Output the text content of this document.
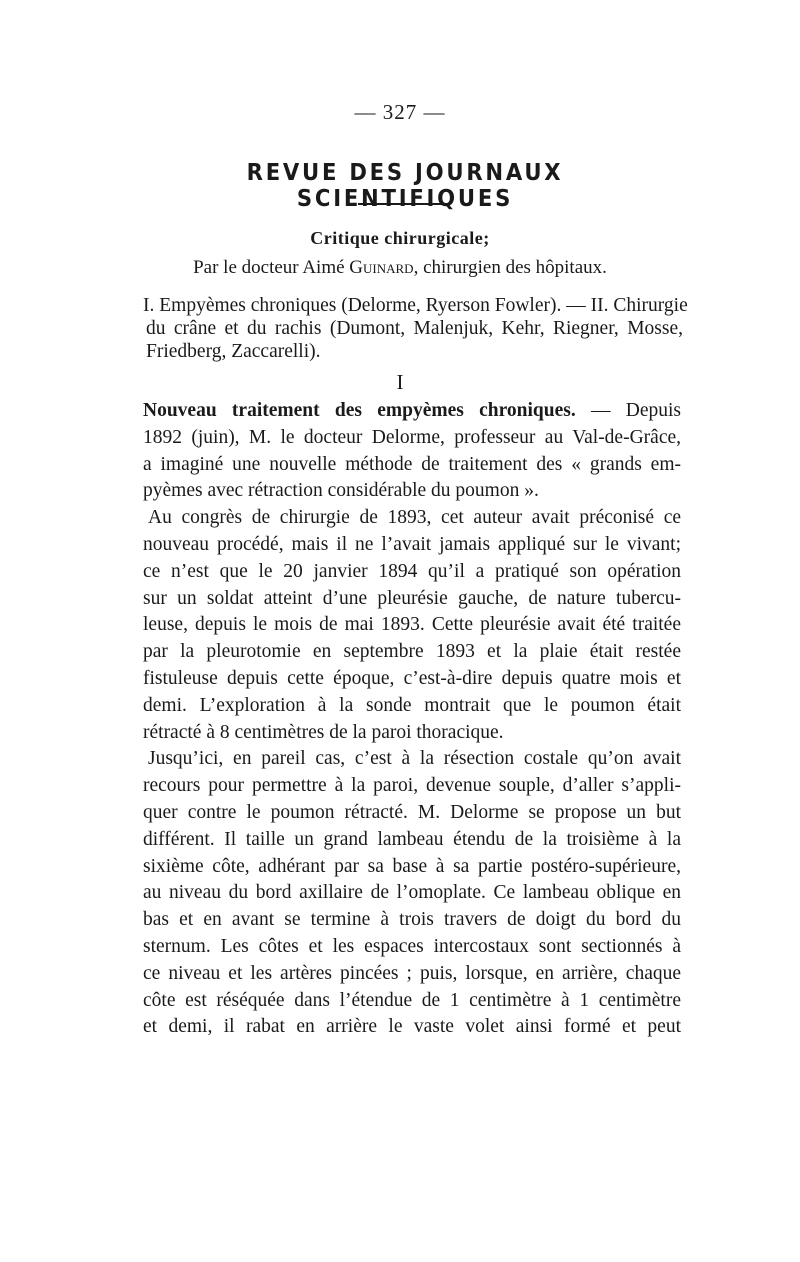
— 327 —
REVUE DES JOURNAUX SCIENTIFIQUES
Critique chirurgicale;
Par le docteur Aimé Guinard, chirurgien des hôpitaux.
I. Empyèmes chroniques (Delorme, Ryerson Fowler). — II. Chirurgie
du crâne et du rachis (Dumont, Malenjuk, Kehr, Riegner, Mosse,
Friedberg, Zaccarelli).
I
Nouveau traitement des empyèmes chroniques. — Depuis
1892 (juin), M. le docteur Delorme, professeur au Val-de-Grâce,
a imaginé une nouvelle méthode de traitement des « grands em-
pyèmes avec rétraction considérable du poumon ».
Au congrès de chirurgie de 1893, cet auteur avait préconisé ce
nouveau procédé, mais il ne l’avait jamais appliqué sur le vivant;
ce n’est que le 20 janvier 1894 qu’il a pratiqué son opération
sur un soldat atteint d’une pleurésie gauche, de nature tubercu-
leuse, depuis le mois de mai 1893. Cette pleurésie avait été traitée
par la pleurotomie en septembre 1893 et la plaie était restée
fistuleuse depuis cette époque, c’est-à-dire depuis quatre mois et
demi. L’exploration à la sonde montrait que le poumon était
rétracté à 8 centimètres de la paroi thoracique.
Jusqu’ici, en pareil cas, c’est à la résection costale qu’on avait
recours pour permettre à la paroi, devenue souple, d’aller s’appli-
quer contre le poumon rétracté. M. Delorme se propose un but
différent. Il taille un grand lambeau étendu de la troisième à la
sixième côte, adhérant par sa base à sa partie postéro-supérieure,
au niveau du bord axillaire de l’omoplate. Ce lambeau oblique en
bas et en avant se termine à trois travers de doigt du bord du
sternum. Les côtes et les espaces intercostaux sont sectionnés à
ce niveau et les artères pincées ; puis, lorsque, en arrière, chaque
côte est réséquée dans l’étendue de 1 centimètre à 1 centimètre
et demi, il rabat en arrière le vaste volet ainsi formé et peut
